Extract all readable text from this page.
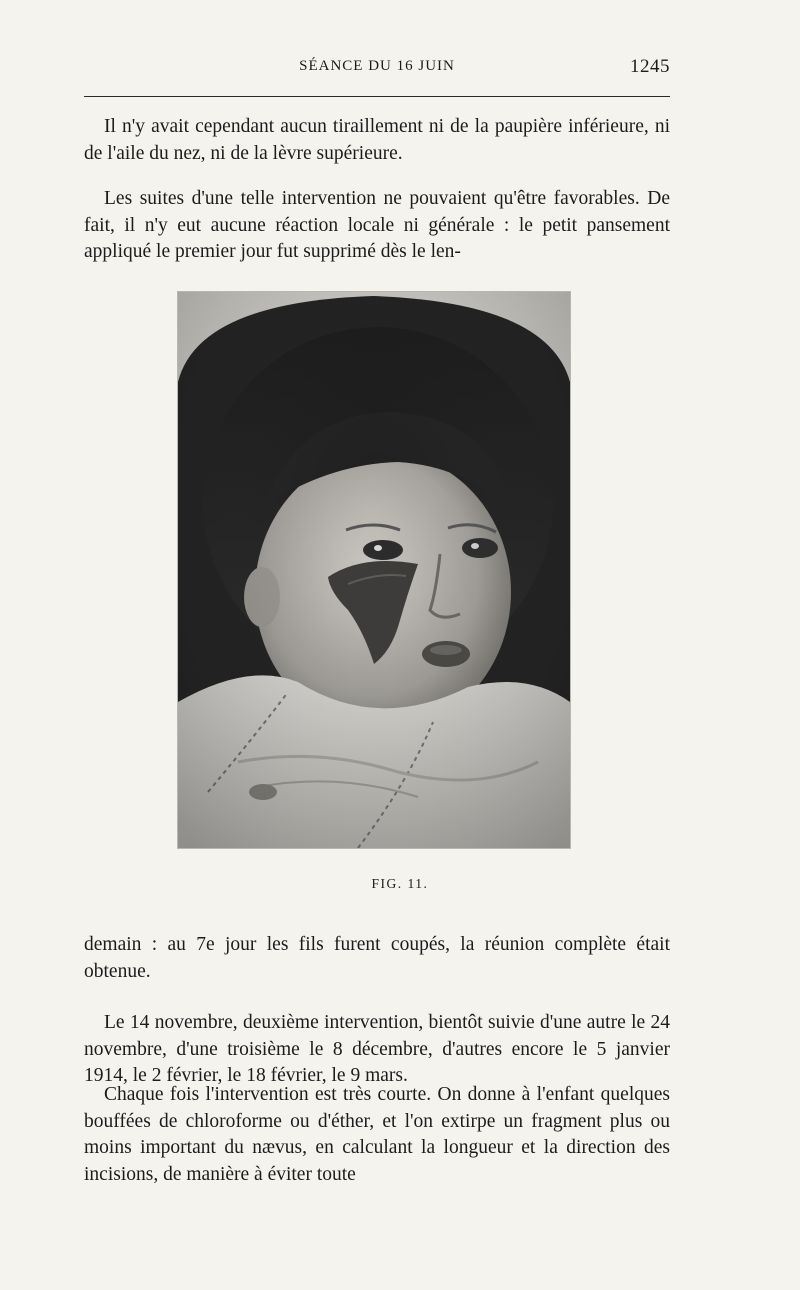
SÉANCE DU 16 JUIN	1245

Il n'y avait cependant aucun tiraillement ni de la paupière inférieure, ni de l'aile du nez, ni de la lèvre supérieure.

Les suites d'une telle intervention ne pouvaient qu'être favorables. De fait, il n'y eut aucune réaction locale ni générale : le petit pansement appliqué le premier jour fut supprimé dès le len-

FIG. 11.

demain : au 7e jour les fils furent coupés, la réunion complète était obtenue.

Le 14 novembre, deuxième intervention, bientôt suivie d'une autre le 24 novembre, d'une troisième le 8 décembre, d'autres encore le 5 janvier 1914, le 2 février, le 18 février, le 9 mars.

Chaque fois l'intervention est très courte. On donne à l'enfant quelques bouffées de chloroforme ou d'éther, et l'on extirpe un fragment plus ou moins important du nævus, en calculant la longueur et la direction des incisions, de manière à éviter toute
